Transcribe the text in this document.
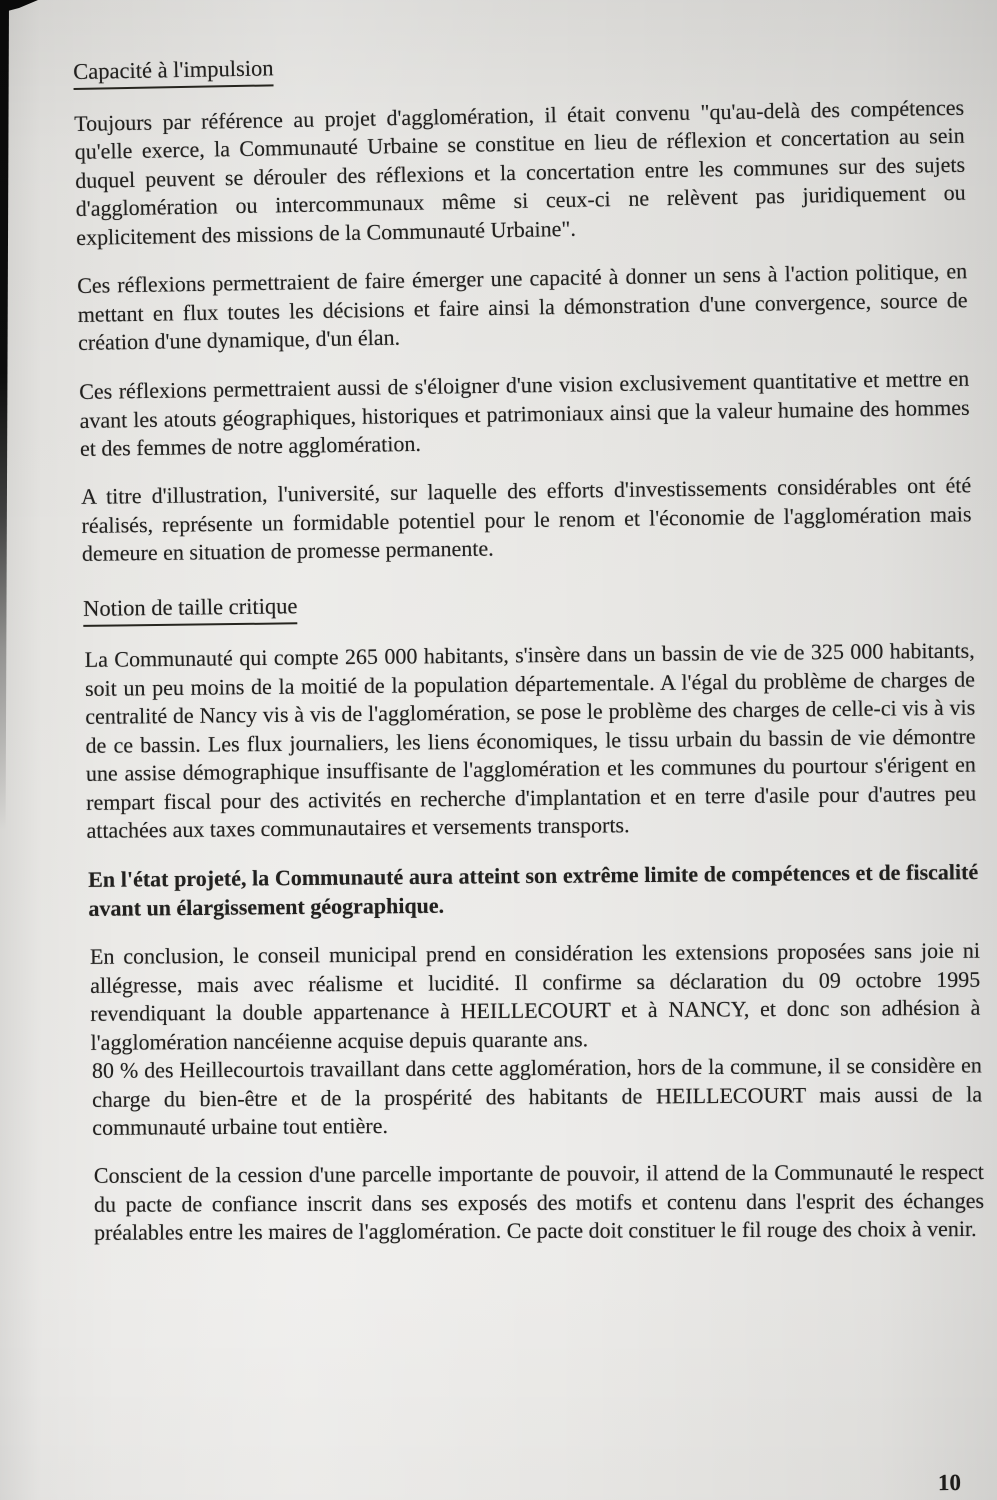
Capacité à l'impulsion

Toujours par référence au projet d'agglomération, il était convenu "qu'au-delà des compétences qu'elle exerce, la Communauté Urbaine se constitue en lieu de réflexion et concertation au sein duquel peuvent se dérouler des réflexions et la concertation entre les communes sur des sujets d'agglomération ou intercommunaux même si ceux-ci ne relèvent pas juridiquement ou explicitement des missions de la Communauté Urbaine".

Ces réflexions permettraient de faire émerger une capacité à donner un sens à l'action politique, en mettant en flux toutes les décisions et faire ainsi la démonstration d'une convergence, source de création d'une dynamique, d'un élan.

Ces réflexions permettraient aussi de s'éloigner d'une vision exclusivement quantitative et mettre en avant les atouts géographiques, historiques et patrimoniaux ainsi que la valeur humaine des hommes et des femmes de notre agglomération.

A titre d'illustration, l'université, sur laquelle des efforts d'investissements considérables ont été réalisés, représente un formidable potentiel pour le renom et l'économie de l'agglomération mais demeure en situation de promesse permanente.

Notion de taille critique

La Communauté qui compte 265 000 habitants, s'insère dans un bassin de vie de 325 000 habitants, soit un peu moins de la moitié de la population départementale. A l'égal du problème de charges de centralité de Nancy vis à vis de l'agglomération, se pose le problème des charges de celle-ci vis à vis de ce bassin. Les flux journaliers, les liens économiques, le tissu urbain du bassin de vie démontre une assise démographique insuffisante de l'agglomération et les communes du pourtour s'érigent en rempart fiscal pour des activités en recherche d'implantation et en terre d'asile pour d'autres peu attachées aux taxes communautaires et versements transports.

En l'état projeté, la Communauté aura atteint son extrême limite de compétences et de fiscalité avant un élargissement géographique.

En conclusion, le conseil municipal prend en considération les extensions proposées sans joie ni allégresse, mais avec réalisme et lucidité. Il confirme sa déclaration du 09 octobre 1995 revendiquant la double appartenance à HEILLECOURT et à NANCY, et donc son adhésion à l'agglomération nancéienne acquise depuis quarante ans.

80 % des Heillecourtois travaillant dans cette agglomération, hors de la commune, il se considère en charge du bien-être et de la prospérité des habitants de HEILLECOURT mais aussi de la communauté urbaine tout entière.

Conscient de la cession d'une parcelle importante de pouvoir, il attend de la Communauté le respect du pacte de confiance inscrit dans ses exposés des motifs et contenu dans l'esprit des échanges préalables entre les maires de l'agglomération. Ce pacte doit constituer le fil rouge des choix à venir.

10
